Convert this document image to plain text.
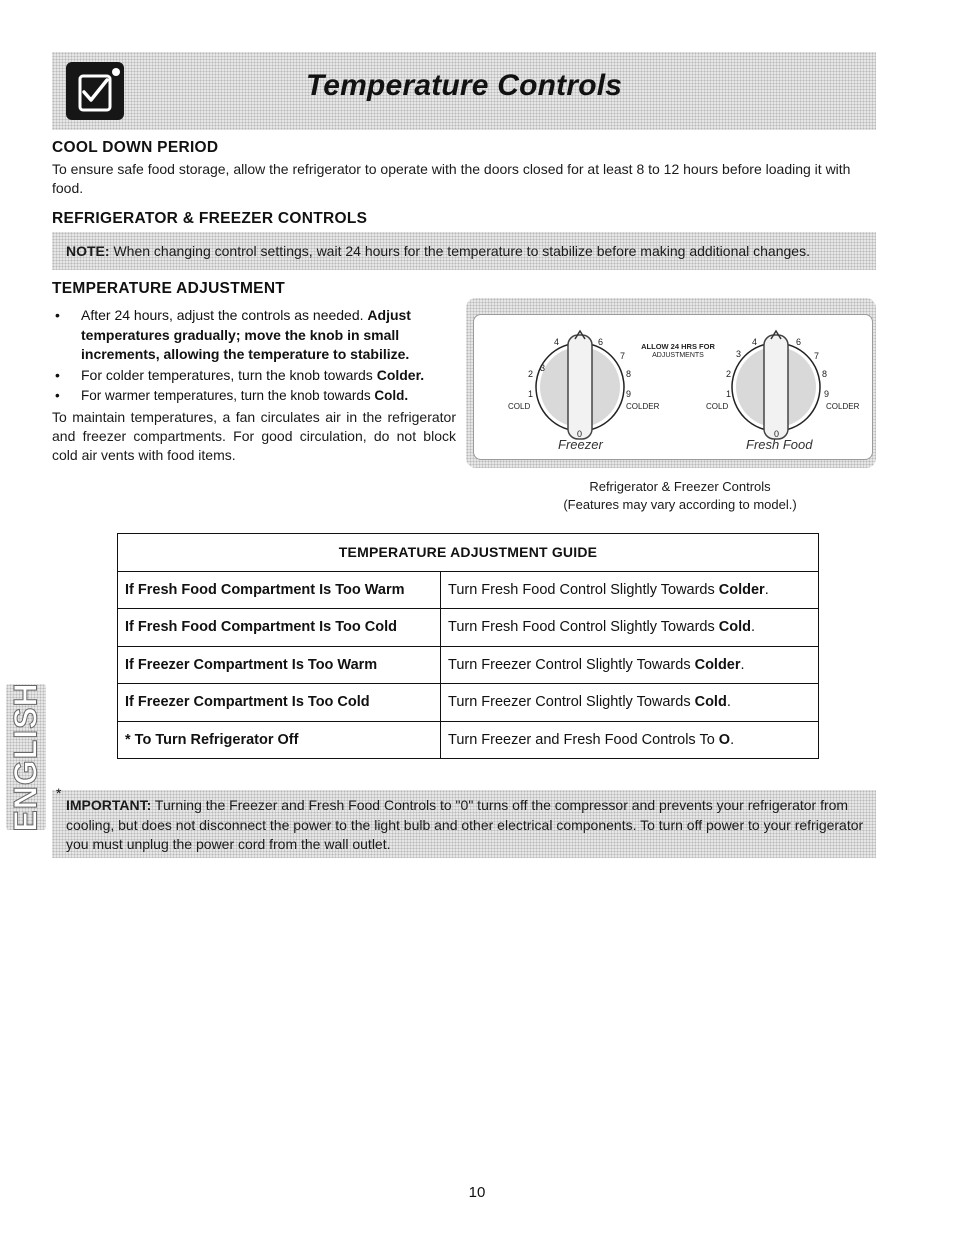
Temperature Controls
COOL DOWN PERIOD

To ensure safe food storage, allow the refrigerator to operate with the doors closed for at least 8 to 12 hours before loading it with food.

REFRIGERATOR & FREEZER CONTROLS
NOTE: When changing control settings, wait 24 hours for the temperature to stabilize before making additional changes.
TEMPERATURE ADJUSTMENT
• After 24 hours, adjust the controls as needed. Adjust temperatures gradually; move the knob in small increments, allowing the temperature to stabilize.
• For colder temperatures, turn the knob towards Colder.
• For warmer temperatures, turn the knob towards Cold.

To maintain temperatures, a fan circulates air in the refrigerator and freezer compartments. For good circulation, do not block cold air vents with food items.

3
4	6
7
2	8
1	9
0
COLD	COLDER
ALLOW 24 HRS FOR
ADJUSTMENTS	3
4	6
7
2	8
1	9
0
COLD	COLDER
Freezer	Fresh Food
Refrigerator & Freezer Controls
(Features may vary according to model.)
TEMPERATURE ADJUSTMENT GUIDE	
If Fresh Food Compartment Is Too Warm	Turn Fresh Food Control Slightly Towards Colder.
If Fresh Food Compartment Is Too Cold	Turn Fresh Food Control Slightly Towards Cold.
If Freezer Compartment Is Too Warm	Turn Freezer Control Slightly Towards Colder.
If Freezer Compartment Is Too Cold	Turn Freezer Control Slightly Towards Cold.
* To Turn Refrigerator Off	Turn Freezer and Fresh Food Controls To O.
IMPORTANT: Turning the Freezer and Fresh Food Controls to "0" turns off the compressor and prevents your refrigerator from cooling, but does not disconnect the power to the light bulb and other electrical components. To turn off power to your refrigerator you must unplug the power cord from the wall outlet.
*
ENGLISH
10
